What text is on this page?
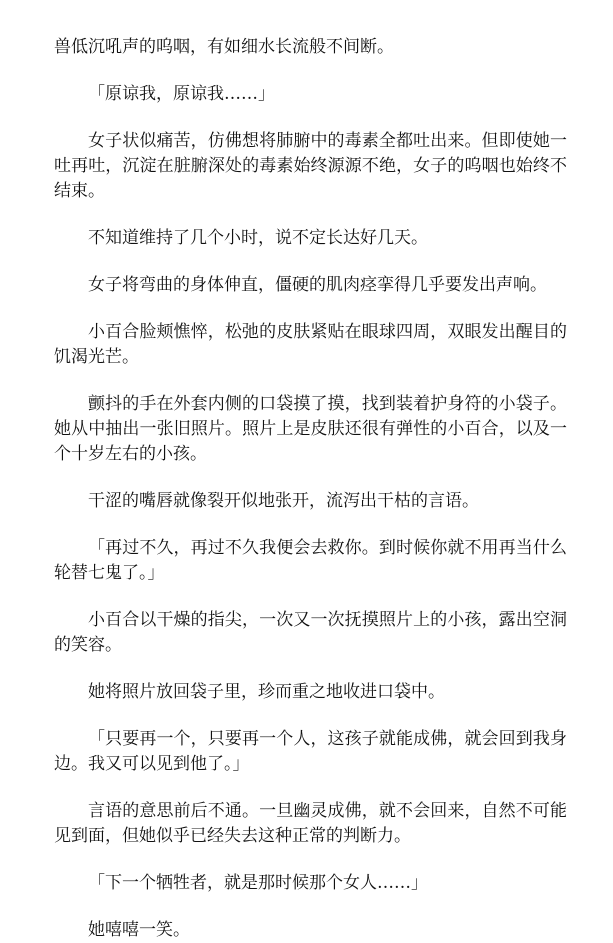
兽低沉吼声的呜咽，有如细水长流般不间断。

「原谅我，原谅我……」

女子状似痛苦，仿佛想将肺腑中的毒素全都吐出来。但即使她一吐再吐，沉淀在脏腑深处的毒素始终源源不绝，女子的呜咽也始终不结束。

不知道维持了几个小时，说不定长达好几天。

女子将弯曲的身体伸直，僵硬的肌肉痉挛得几乎要发出声响。

小百合脸颊憔悴，松弛的皮肤紧贴在眼球四周，双眼发出醒目的饥渴光芒。

颤抖的手在外套内侧的口袋摸了摸，找到装着护身符的小袋子。她从中抽出一张旧照片。照片上是皮肤还很有弹性的小百合，以及一个十岁左右的小孩。

干涩的嘴唇就像裂开似地张开，流泻出干枯的言语。

「再过不久，再过不久我便会去救你。到时候你就不用再当什么轮替七鬼了。」

小百合以干燥的指尖，一次又一次抚摸照片上的小孩，露出空洞的笑容。

她将照片放回袋子里，珍而重之地收进口袋中。

「只要再一个，只要再一个人，这孩子就能成佛，就会回到我身边。我又可以见到他了。」

言语的意思前后不通。一旦幽灵成佛，就不会回来，自然不可能见到面，但她似乎已经失去这种正常的判断力。

「下一个牺牲者，就是那时候那个女人……」

她嘻嘻一笑。
